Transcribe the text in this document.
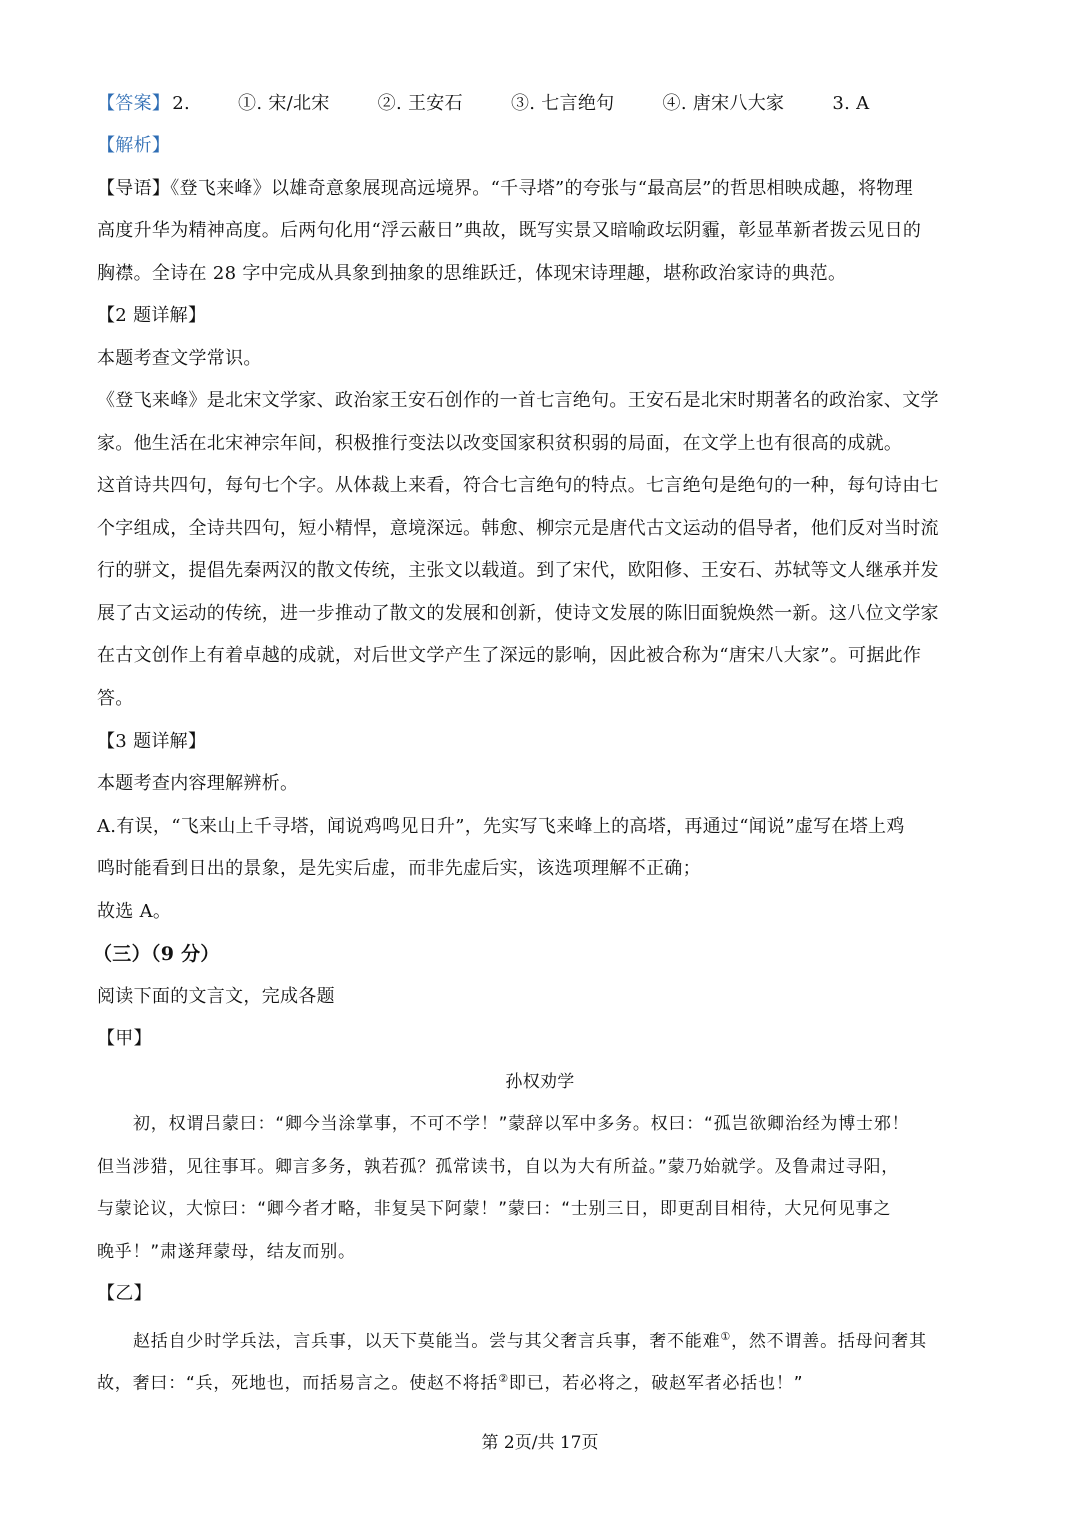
【答案】 2.	①. 宋/北宋	②. 王安石	③. 七言绝句	④. 唐宋八大家	3. A
【解析】
【导语】《登飞来峰》以雄奇意象展现高远境界。“千寻塔”的夸张与“最高层”的哲思相映成趣，将物理
高度升华为精神高度。后两句化用“浮云蔽日”典故，既写实景又暗喻政坛阴霾，彰显革新者拨云见日的
胸襟。全诗在 28 字中完成从具象到抽象的思维跃迁，体现宋诗理趣，堪称政治家诗的典范。
【2 题详解】
本题考查文学常识。
《登飞来峰》是北宋文学家、政治家王安石创作的一首七言绝句。王安石是北宋时期著名的政治家、文学
家。他生活在北宋神宗年间，积极推行变法以改变国家积贫积弱的局面，在文学上也有很高的成就。
这首诗共四句，每句七个字。从体裁上来看，符合七言绝句的特点。七言绝句是绝句的一种，每句诗由七
个字组成，全诗共四句，短小精悍，意境深远。韩愈、柳宗元是唐代古文运动的倡导者，他们反对当时流
行的骈文，提倡先秦两汉的散文传统，主张文以载道。到了宋代，欧阳修、王安石、苏轼等文人继承并发
展了古文运动的传统，进一步推动了散文的发展和创新，使诗文发展的陈旧面貌焕然一新。这八位文学家
在古文创作上有着卓越的成就，对后世文学产生了深远的影响，因此被合称为“唐宋八大家”。可据此作
答。
【3 题详解】
本题考查内容理解辨析。
A.有误，“飞来山上千寻塔，闻说鸡鸣见日升”，先实写飞来峰上的高塔，再通过“闻说”虚写在塔上鸡
鸣时能看到日出的景象，是先实后虚，而非先虚后实，该选项理解不正确；
故选 A。
（三）（9 分）
阅读下面的文言文，完成各题
【甲】
孙权劝学
初，权谓吕蒙曰：“卿今当涂掌事，不可不学！”蒙辞以军中多务。权曰：“孤岂欲卿治经为博士邪！
但当涉猎，见往事耳。卿言多务，孰若孤？孤常读书，自以为大有所益。”蒙乃始就学。及鲁肃过寻阳，
与蒙论议，大惊曰：“卿今者才略，非复吴下阿蒙！”蒙曰：“士别三日，即更刮目相待，大兄何见事之
晚乎！”肃遂拜蒙母，结友而别。
【乙】
赵括自少时学兵法，言兵事，以天下莫能当。尝与其父奢言兵事，奢不能难①，然不谓善。括母问奢其
故，奢曰：“兵，死地也，而括易言之。使赵不将括②即已，若必将之，破赵军者必括也！”
第 2页/共 17页
